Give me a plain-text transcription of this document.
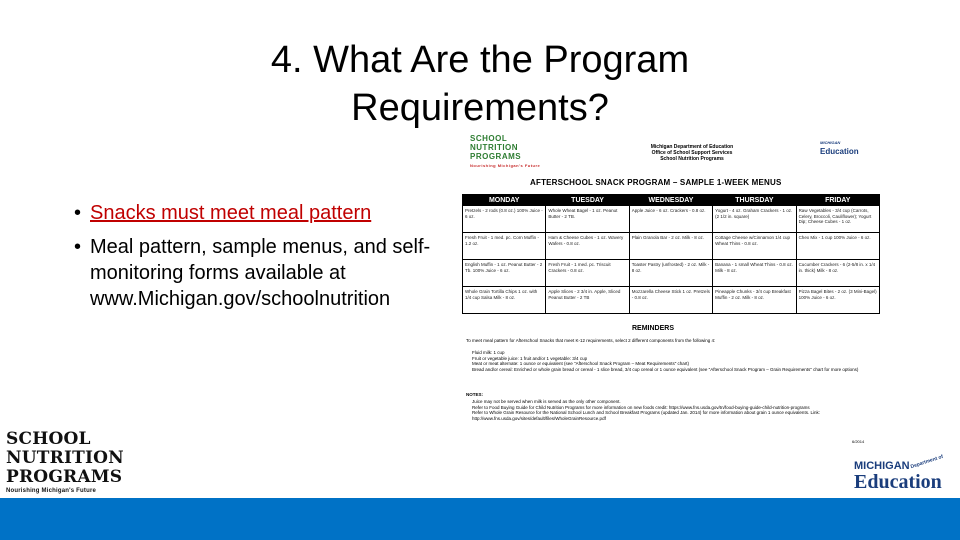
4. What Are the Program
Requirements?
• Snacks must meet meal pattern
• Meal pattern, sample menus, and self-monitoring forms available at www.Michigan.gov/schoolnutrition
SCHOOL
NUTRITION
PROGRAMS
Nourishing Michigan's Future
Michigan Department of Education
Office of School Support Services
School Nutrition Programs
MICHIGAN
Education
AFTERSCHOOL SNACK PROGRAM – SAMPLE 1-WEEK MENUS
MONDAY	TUESDAY	WEDNESDAY	THURSDAY	FRIDAY
Pretzels - 2 rods (0.8 oz.) 100% Juice - 6 oz.	Whole Wheat Bagel - 1 oz. Peanut Butter - 2 TB.	Apple Juice - 6 oz. Crackers - 0.8 oz.	Yogurt - 4 oz. Graham Crackers - 1 oz. (2 1/2 in. square)	Raw Vegetables - 3/4 cup (Carrots, Celery, Broccoli, Cauliflower); Yogurt Dip; Cheese Cubes - 1 oz.
Fresh Fruit - 1 med. pc. Corn Muffin - 1.2 oz.	Ham & Cheese Cubes - 1 oz. Wavery Wafers - 0.8 oz.	Plain Granola Bar - 2 oz. Milk - 8 oz.	Cottage Cheese w/Cinnamon 1/4 cup Wheat Thins - 0.8 oz.	Chex Mix - 1 cup 100% Juice - 6 oz.
English Muffin - 1 oz. Peanut Butter - 2 Tb. 100% Juice - 6 oz.	Fresh Fruit - 1 med. pc. Triscuit Crackers - 0.8 oz.	Toaster Pastry (unfrosted) - 2 oz. Milk - 8 oz.	Banana - 1 small Wheat Thins - 0.8 oz. Milk - 8 oz.	Cucumber Crackers - 6 (2-5/8 in. x 1/4 in. thick) Milk - 8 oz.
Whole Grain Tortilla Chips 1 oz. with 1/4 cup Salsa Milk - 8 oz.	Apple Slices - 2 3/4 in. Apple, Sliced Peanut Butter - 2 TB	Mozzarella Cheese Stick 1 oz. Pretzels - 0.8 oz.	Pineapple Chunks - 3/4 cup Breakfast Muffin - 2 oz. Milk - 8 oz.	Pizza Bagel Bites - 2 oz. (3 Mini-Bagel) 100% Juice - 6 oz.
REMINDERS
To meet meal pattern for Afterschool Snacks that meet K-12 requirements, select 2 different components from the following 4:
Fluid milk: 1 cup
Fruit or vegetable juice: 1 fruit and/or 1 vegetable: 3/4 cup
Meat or meat alternate: 1 ounce or equivalent (see "Afterschool Snack Program – Meat Requirements" chart)
Bread and/or cereal: Enriched or whole grain bread or cereal - 1 slice bread, 3/4 cup cereal or 1 ounce equivalent (see "Afterschool Snack Program – Grain Requirements" chart for more options)
NOTES:
Juice may not be served when milk is served as the only other component.
Refer to Food Buying Guide for Child Nutrition Programs for more information on new foods credit: https://www.fns.usda.gov/tn/food-buying-guide-child-nutrition-programs
Refer to Whole Grain Resource for the National School Lunch and School Breakfast Programs (updated Jan. 2014) for more information about grain 1 ounce equivalents. Link: http://www.fns.usda.gov/sites/default/files/WholeGrainResource.pdf
6/2014
SCHOOL
NUTRITION
PROGRAMS
Nourishing Michigan's Future
MICHIGAN Department of
Education
